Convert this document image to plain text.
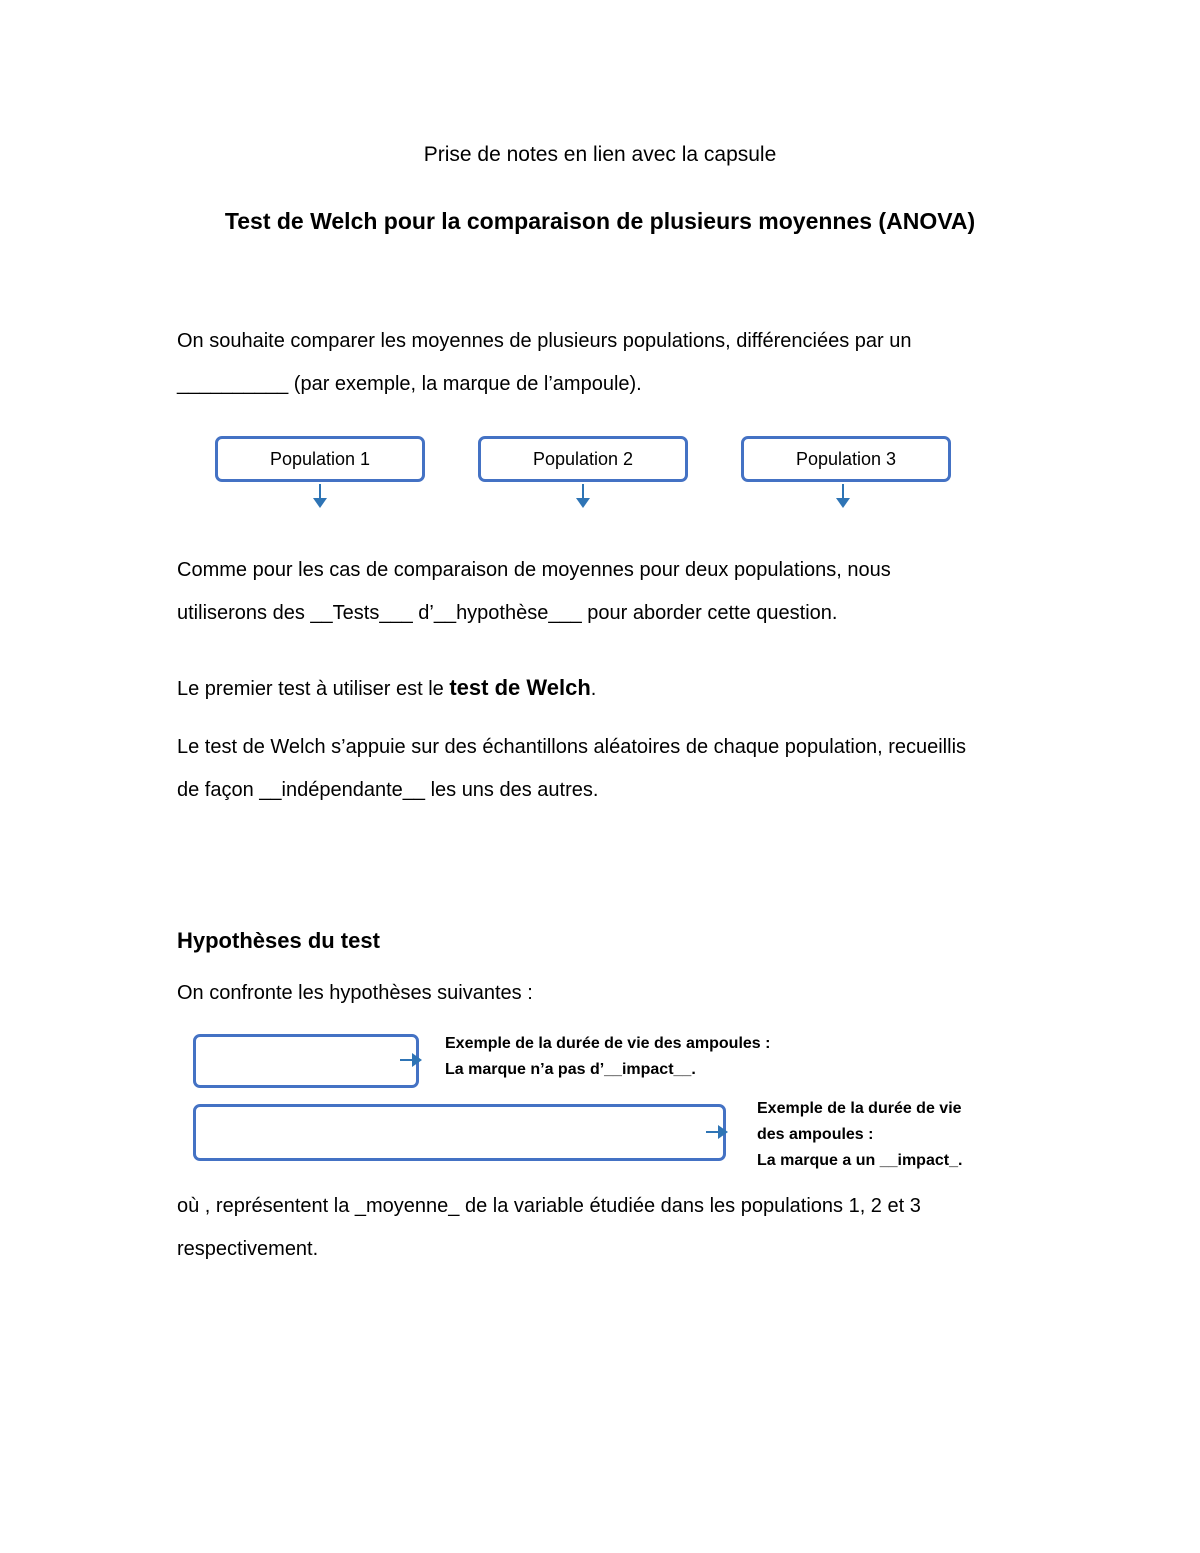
Prise de notes en lien avec la capsule
Test de Welch pour la comparaison de plusieurs moyennes (ANOVA)
On souhaite comparer les moyennes de plusieurs populations, différenciées par un
__________ (par exemple, la marque de l’ampoule).
Population 1	Population 2	Population 3
Comme pour les cas de comparaison de moyennes pour deux populations, nous
utiliserons des __Tests___ d’__hypothèse___ pour aborder cette question.
Le premier test à utiliser est le test de Welch.
Le test de Welch s’appuie sur des échantillons aléatoires de chaque population, recueillis
de façon __indépendante__ les uns des autres.
Hypothèses du test
On confronte les hypothèses suivantes :
Exemple de la durée de vie des ampoules :
La marque n’a pas d’__impact__.
Exemple de la durée de vie
des ampoules :
La marque a un __impact_.
où , représentent la _moyenne_ de la variable étudiée dans les populations 1, 2 et 3
respectivement.
